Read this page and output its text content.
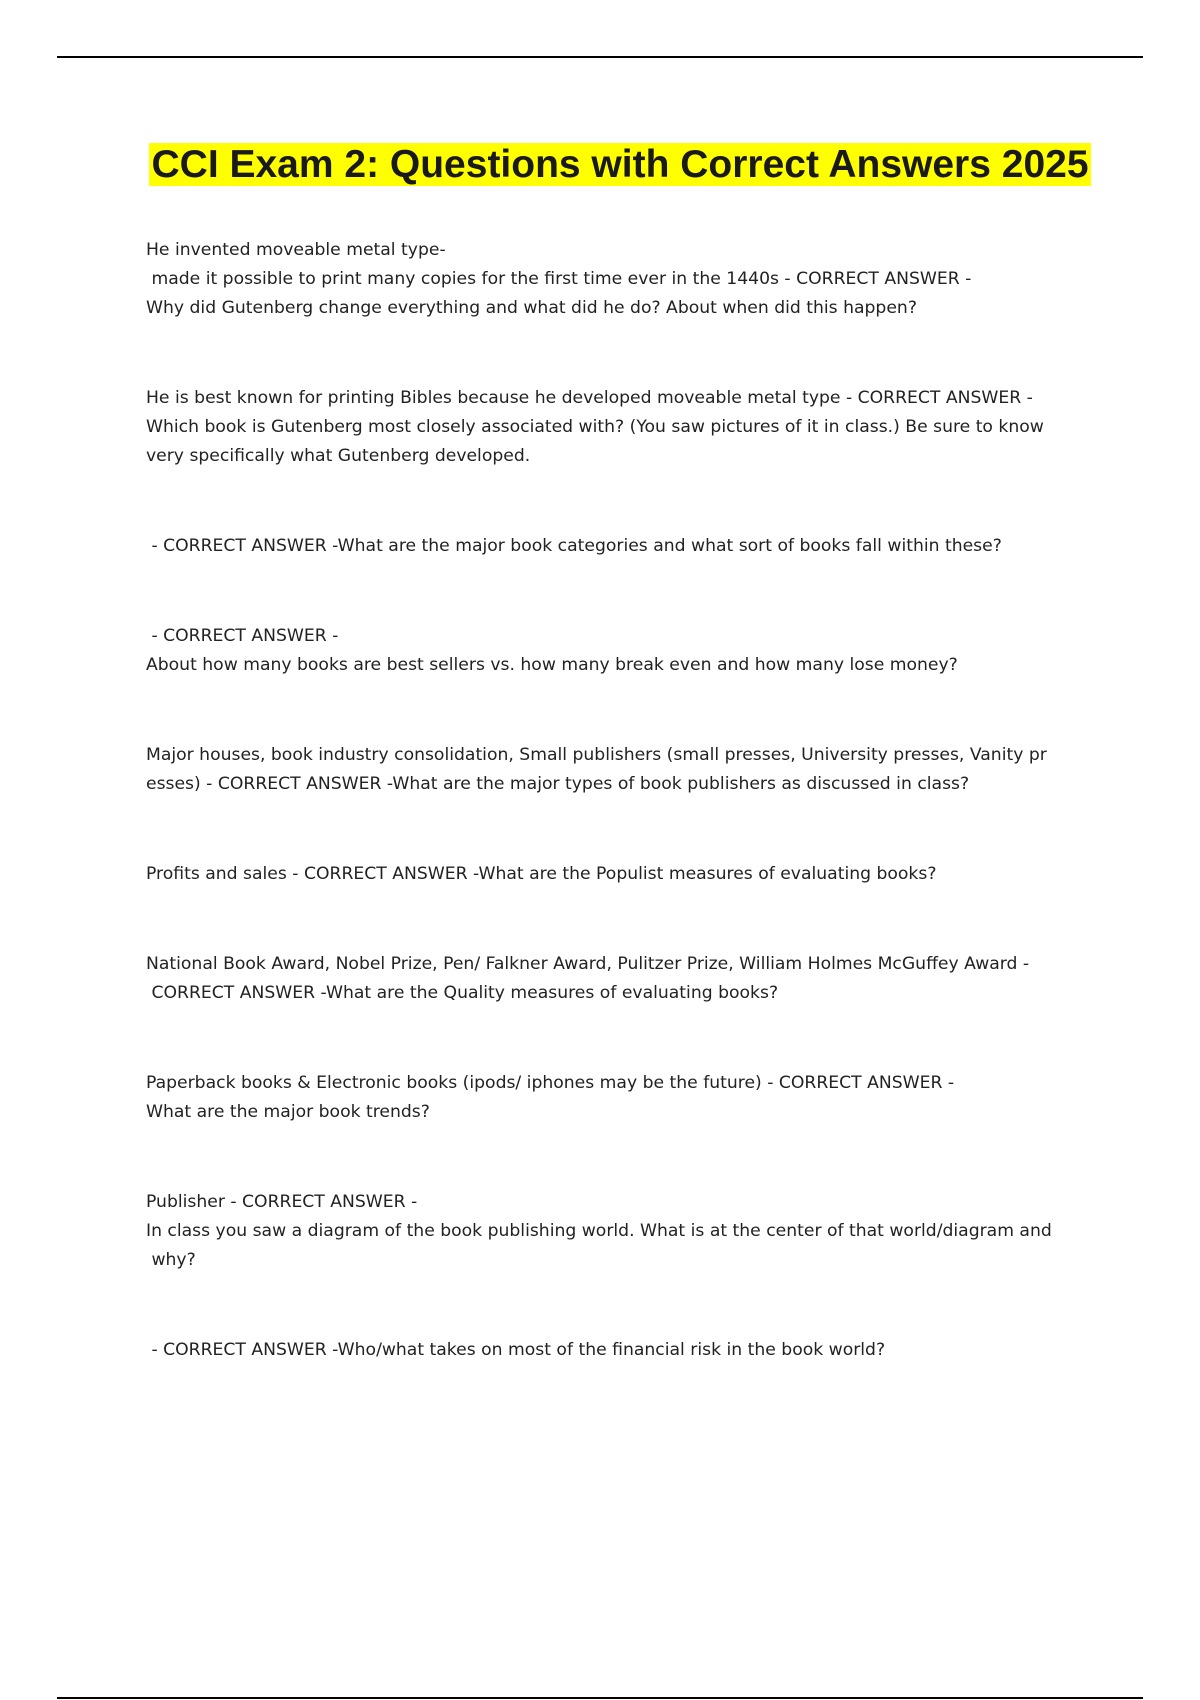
CCI Exam 2: Questions with Correct Answers 2025
He invented moveable metal type-
made it possible to print many copies for the first time ever in the 1440s - CORRECT ANSWER -
Why did Gutenberg change everything and what did he do? About when did this happen?
He is best known for printing Bibles because he developed moveable metal type - CORRECT ANSWER -
Which book is Gutenberg most closely associated with? (You saw pictures of it in class.) Be sure to know
very specifically what Gutenberg developed.
- CORRECT ANSWER -What are the major book categories and what sort of books fall within these?
- CORRECT ANSWER -
About how many books are best sellers vs. how many break even and how many lose money?
Major houses, book industry consolidation, Small publishers (small presses, University presses, Vanity pr
esses) - CORRECT ANSWER -What are the major types of book publishers as discussed in class?
Profits and sales - CORRECT ANSWER -What are the Populist measures of evaluating books?
National Book Award, Nobel Prize, Pen/ Falkner Award, Pulitzer Prize, William Holmes McGuffey Award -
CORRECT ANSWER -What are the Quality measures of evaluating books?
Paperback books & Electronic books (ipods/ iphones may be the future) - CORRECT ANSWER -
What are the major book trends?
Publisher - CORRECT ANSWER -
In class you saw a diagram of the book publishing world. What is at the center of that world/diagram and
why?
- CORRECT ANSWER -Who/what takes on most of the financial risk in the book world?
